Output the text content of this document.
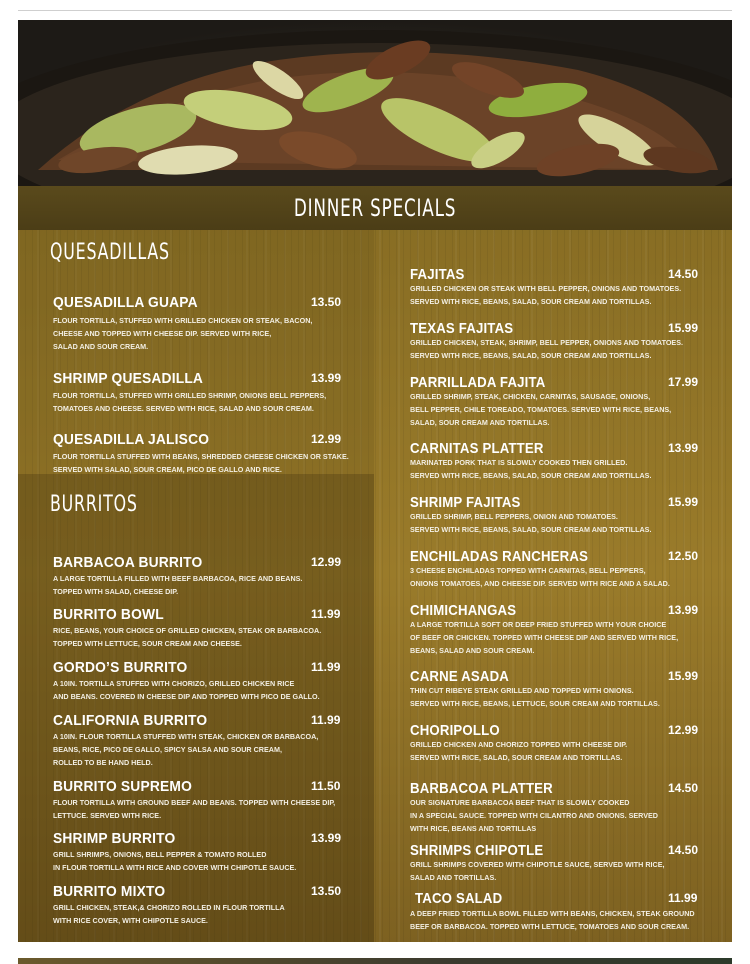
DINNER SPECIALS
QUESADILLAS
QUESADILLA GUAPA	13.50
FLOUR TORTILLA, STUFFED WITH GRILLED CHICKEN OR STEAK, BACON,
CHEESE AND TOPPED WITH CHEESE DIP. SERVED WITH RICE,
SALAD AND SOUR CREAM.
SHRIMP QUESADILLA	13.99
FLOUR TORTILLA, STUFFED WITH GRILLED SHRIMP, ONIONS BELL PEPPERS,
TOMATOES AND CHEESE. SERVED WITH RICE, SALAD AND SOUR CREAM.
QUESADILLA JALISCO	12.99
FLOUR TORTILLA STUFFED WITH BEANS, SHREDDED CHEESE CHICKEN OR STAKE.
SERVED WITH SALAD, SOUR CREAM, PICO DE GALLO AND RICE.
BURRITOS
BARBACOA BURRITO	12.99
A LARGE TORTILLA FILLED WITH BEEF BARBACOA, RICE AND BEANS.
TOPPED WITH SALAD, CHEESE DIP.
BURRITO BOWL	11.99
RICE, BEANS, YOUR CHOICE OF GRILLED CHICKEN, STEAK OR BARBACOA.
TOPPED WITH LETTUCE, SOUR CREAM AND CHEESE.
GORDO’S BURRITO	11.99
A 10IN. TORTILLA STUFFED WITH CHORIZO, GRILLED CHICKEN RICE
AND BEANS. COVERED IN CHEESE DIP AND TOPPED WITH PICO DE GALLO.
CALIFORNIA BURRITO	11.99
A 10IN. FLOUR TORTILLA STUFFED WITH STEAK, CHICKEN OR BARBACOA,
BEANS, RICE, PICO DE GALLO, SPICY SALSA AND SOUR CREAM,
ROLLED TO BE HAND HELD.
BURRITO SUPREMO	11.50
FLOUR TORTILLA WITH GROUND BEEF AND BEANS. TOPPED WITH CHEESE DIP,
LETTUCE. SERVED WITH RICE.
SHRIMP BURRITO	13.99
GRILL SHRIMPS, ONIONS, BELL PEPPER & TOMATO ROLLED
IN FLOUR TORTILLA WITH RICE AND COVER WITH CHIPOTLE SAUCE.
BURRITO MIXTO	13.50
GRILL CHICKEN, STEAK,& CHORIZO ROLLED IN FLOUR TORTILLA
WITH RICE COVER, WITH CHIPOTLE SAUCE.
FAJITAS	14.50
GRILLED CHICKEN OR STEAK WITH BELL PEPPER, ONIONS AND TOMATOES.
SERVED WITH RICE, BEANS, SALAD, SOUR CREAM AND TORTILLAS.
TEXAS FAJITAS	15.99
GRILLED CHICKEN, STEAK, SHRIMP, BELL PEPPER, ONIONS AND TOMATOES.
SERVED WITH RICE, BEANS, SALAD, SOUR CREAM AND TORTILLAS.
PARRILLADA FAJITA	17.99
GRILLED SHRIMP, STEAK, CHICKEN, CARNITAS, SAUSAGE, ONIONS,
BELL PEPPER, CHILE TOREADO, TOMATOES. SERVED WITH RICE, BEANS,
SALAD, SOUR CREAM AND TORTILLAS.
CARNITAS PLATTER	13.99
MARINATED PORK THAT IS SLOWLY COOKED THEN GRILLED.
SERVED WITH RICE, BEANS, SALAD, SOUR CREAM AND TORTILLAS.
SHRIMP FAJITAS	15.99
GRILLED SHRIMP, BELL PEPPERS, ONION AND TOMATOES.
SERVED WITH RICE, BEANS, SALAD, SOUR CREAM AND TORTILLAS.
ENCHILADAS RANCHERAS	12.50
3 CHEESE ENCHILADAS TOPPED WITH CARNITAS, BELL PEPPERS,
ONIONS TOMATOES, AND CHEESE DIP. SERVED WITH RICE AND A SALAD.
CHIMICHANGAS	13.99
A LARGE TORTILLA SOFT OR DEEP FRIED STUFFED WITH YOUR CHOICE
OF BEEF OR CHICKEN. TOPPED WITH CHEESE DIP AND SERVED WITH RICE,
BEANS, SALAD AND SOUR CREAM.
CARNE ASADA	15.99
THIN CUT RIBEYE STEAK GRILLED AND TOPPED WITH ONIONS.
SERVED WITH RICE, BEANS, LETTUCE, SOUR CREAM AND TORTILLAS.
CHORIPOLLO	12.99
GRILLED CHICKEN AND CHORIZO TOPPED WITH CHEESE DIP.
SERVED WITH RICE, SALAD, SOUR CREAM AND TORTILLAS.
BARBACOA PLATTER	14.50
OUR SIGNATURE BARBACOA BEEF THAT IS SLOWLY COOKED
IN A SPECIAL SAUCE. TOPPED WITH CILANTRO AND ONIONS. SERVED
WITH RICE, BEANS AND TORTILLAS
SHRIMPS CHIPOTLE	14.50
GRILL SHRIMPS COVERED WITH CHIPOTLE SAUCE, SERVED WITH RICE,
SALAD AND TORTILLAS.
TACO SALAD	11.99
A DEEP FRIED TORTILLA BOWL FILLED WITH BEANS, CHICKEN, STEAK GROUND
BEEF OR BARBACOA. TOPPED WITH LETTUCE, TOMATOES AND SOUR CREAM.
